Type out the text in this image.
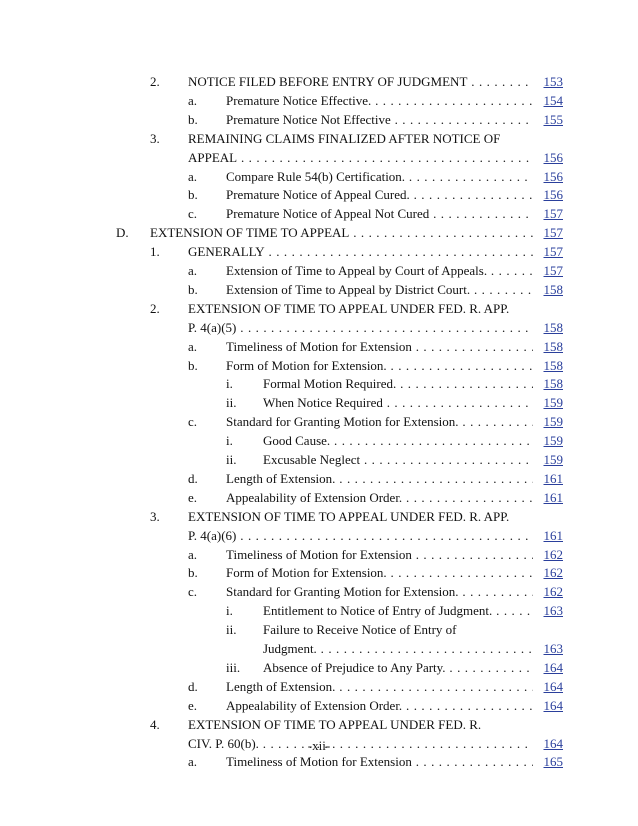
2. NOTICE FILED BEFORE ENTRY OF JUDGMENT . . .	153
a. Premature Notice Effective. . . .	154
b. Premature Notice Not Effective . . .	155
3. REMAINING CLAIMS FINALIZED AFTER NOTICE OF
APPEAL . . .	156
a. Compare Rule 54(b) Certification. . . .	156
b. Premature Notice of Appeal Cured. . . .	156
c. Premature Notice of Appeal Not Cured . . .	157
D. EXTENSION OF TIME TO APPEAL . . .	157
1. GENERALLY . . .	157
a. Extension of Time to Appeal by Court of Appeals. . . .	157
b. Extension of Time to Appeal by District Court. . . .	158
2. EXTENSION OF TIME TO APPEAL UNDER FED. R. APP.
P. 4(a)(5) . . .	158
a. Timeliness of Motion for Extension . . .	158
b. Form of Motion for Extension. . . .	158
i. Formal Motion Required. . . .	158
ii. When Notice Required . . .	159
c. Standard for Granting Motion for Extension. . . .	159
i. Good Cause. . . .	159
ii. Excusable Neglect . . .	159
d. Length of Extension. . . .	161
e. Appealability of Extension Order. . . .	161
3. EXTENSION OF TIME TO APPEAL UNDER FED. R. APP.
P. 4(a)(6) . . .	161
a. Timeliness of Motion for Extension . . .	162
b. Form of Motion for Extension. . . .	162
c. Standard for Granting Motion for Extension. . . .	162
i. Entitlement to Notice of Entry of Judgment. . . .	163
ii. Failure to Receive Notice of Entry of
Judgment. . . .	163
iii. Absence of Prejudice to Any Party. . . .	164
d. Length of Extension. . . .	164
e. Appealability of Extension Order. . . .	164
4. EXTENSION OF TIME TO APPEAL UNDER FED. R.
CIV. P. 60(b). . . .	164
a. Timeliness of Motion for Extension . . .	165
-xii-
